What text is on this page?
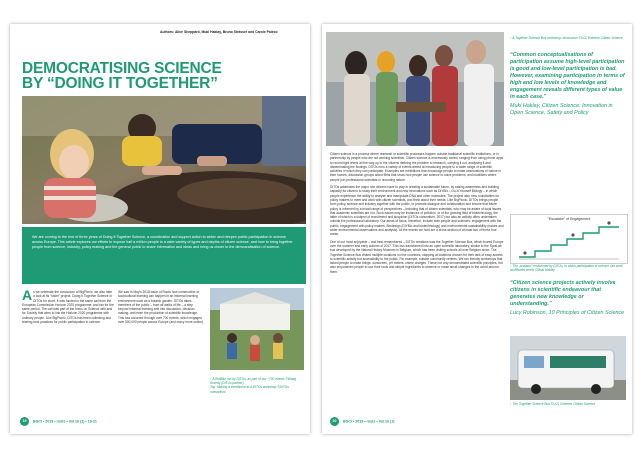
Authors: Alice Sheppard, Muki Haklay, Bruno Strasser and Carole Paleco
DEMOCRATISING SCIENCE
BY “DOING IT TOGETHER”
We are coming to the end of three years of Doing It Together Science, a coordination and support action to widen and deepen public participation in science across Europe. This article explores our efforts to expose half a million people to a wide variety of types and depths of citizen science, and how to bring together people from science, industry, policy making and the general public to share information and ideas and bring us closer to the democratisation of science.
A s we celebrate the conclusion of BigPicnic, we also take a look at its “sister” project, Doing It Together Science or DITOs for short. It was funded in the same call from the European Commission Horizon 2020 programme, and ran for the same period. The call was part of the focus on Science with and for Society that aims to link the Horizon 2020 programme with ordinary people. Like BigPicnic, DITOs has been collecting and sharing best practices for public participation in science.
We saw in May's 2018 issue of Roots how constructive or sociocultural learning can happen in an informal learning environment such as a botanic garden. DITOs takes members of the public – from all walks of life – a step beyond informal learning and into discussion, decision-making, and even the production of scientific knowledge. This has occurred through over 700 events, which engaged over 500,000 people across Europe (and many more online).
↑ A BioBlitz run by DITOs, as part of our ~700 events ©Waag Society (DITOs partner)
Top: Making a seedbomb at a DITOs workshop ©DITOs consortium
19 BGCI • 2019 • roots • Vol 16 (1) • 19-21
↑ A Together Science Bus workshop: discussion ©UCL Extreme Citizen Science
“Common conceptualisations of participation assume high-level participation is good and low-level participation is bad. However, examining participation in terms of high and low levels of knowledge and engagement reveals different types of value in each case.”
Muki Haklay, Citizen Science: Innovation in Open Science, Safety and Policy
“Escalator” of Engagement
↑ The „scalator” envisioned by DITOs, in which participation in science can work at different levels ©Muki Haklay
“Citizen science projects actively involve citizens in scientific endeavour that generates new knowledge or understanding.”
Lucy Robinson, 10 Principles of Citizen Science
↑ The Together Science Bus ©UCL Extreme Citizen Science

Citizen science is a process where research or scientific processes happen outside traditional scientific institutions, or in partnership by people who are not working scientists. Citizen science is enormously varied, ranging from using phone apps to record light levels all the way up to the citizens defining the problem to research, carrying it out, analysing it and disseminating the findings. DITOs runs a variety of events aimed at introducing people to a wider range of scientific activities in which they can participate. Examples are exhibitions that encourage people to make observations of nature in their homes, discussion groups about films that show how people use science to solve problems, and bioblitzes where people join professional scientists in recording nature.

DITOs addresses the major role citizens have to play in creating a sustainable future, by raising awareness and building capacity for citizens to study their environment and new innovations such as DIYBio – Do-It-Yourself Biology – in which people experience the ability to analyse and manipulate DNA and other molecules. The project also runs roundtables for policy makers to meet and work with citizen scientists, and think about their needs. Like BigPicnic, DITOs brings people from policy, science and industry together with the public, to promote dialogue and collaboration and ensure that future policy is informed by a broad range of perspectives – including that of citizen scientists, who may be aware of local issues that academic scientists are not. Such issues may be instances of pollution, or of the growing field of biotechnology, the latter of which is a subject of recruitment and suspicion (DITOs consortium, 2017) but also an activity often undertaken outside the professional laboratory. Our areas of focus, therefore, include both people and sciences: engagement with the public; engagement with policy makers; Biodesign (DIYBio and biotechnology) and environmental sustainability (nature and wider environmental observations and analysis). All the events we hold are a cross-section of at least two of these four areas.

One of our most enjoyable – and best remembered – DITOs creations was the Together Science Bus, which toured Europe over the summer and early autumn of 2017. This bus transformed into an open scientific laboratory, similar to the SpotLab bus developed by the Natural History Museum in Belgium, which has been visiting schools all over Belgium since. The Together Science Bus visited multiple locations in nine countries, stopping at locations chosen for their lack of easy access to scientific activity but accessibility to the public. For example, outside community centres. We ran friendly workshops that asked people to make things: sunscreen, pH meters, chime charges. These not only demonstrated scientific principles, but also empowered people to use their tools and simple ingredients to observe or make small changes to the world around them.

20 BGCI • 2019 • roots • Vol 16 (1)
